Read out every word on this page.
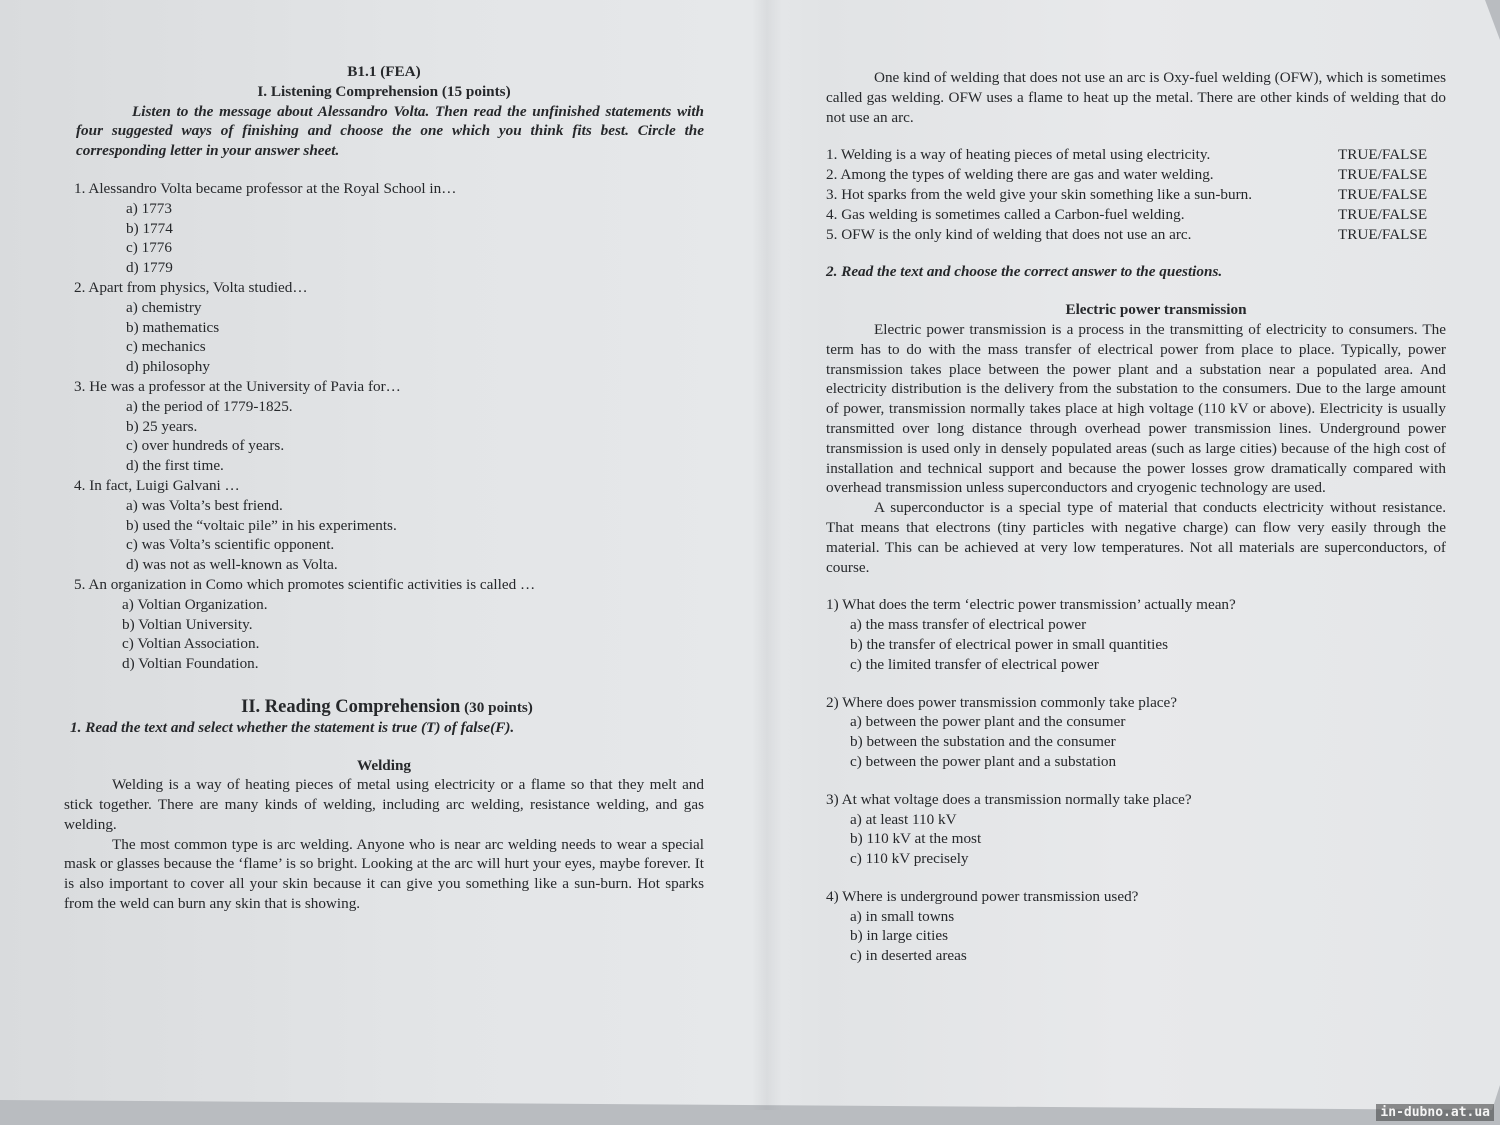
B1.1 (FEA)
I. Listening Comprehension (15 points)
Listen to the message about Alessandro Volta. Then read the unfinished statements with four suggested ways of finishing and choose the one which you think fits best. Circle the corresponding letter in your answer sheet.
1. Alessandro Volta became professor at the Royal School in…
a) 1773
b) 1774
c) 1776
d) 1779
2. Apart from physics, Volta studied…
a) chemistry
b) mathematics
c) mechanics
d) philosophy
3. He was a professor at the University of Pavia for…
a) the period of 1779-1825.
b) 25 years.
c) over hundreds of years.
d) the first time.
4. In fact, Luigi Galvani …
a) was Volta’s best friend.
b) used the “voltaic pile” in his experiments.
c) was Volta’s scientific opponent.
d) was not as well-known as Volta.
5. An organization in Como which promotes scientific activities is called …
a) Voltian Organization.
b) Voltian University.
c) Voltian Association.
d) Voltian Foundation.
II. Reading Comprehension (30 points)
1. Read the text and select whether the statement is true (T) of false(F).
Welding
Welding is a way of heating pieces of metal using electricity or a flame so that they melt and stick together. There are many kinds of welding, including arc welding, resistance welding, and gas welding.
The most common type is arc welding. Anyone who is near arc welding needs to wear a special mask or glasses because the ‘flame’ is so bright. Looking at the arc will hurt your eyes, maybe forever. It is also important to cover all your skin because it can give you something like a sun-burn. Hot sparks from the weld can burn any skin that is showing.
One kind of welding that does not use an arc is Oxy-fuel welding (OFW), which is sometimes called gas welding. OFW uses a flame to heat up the metal. There are other kinds of welding that do not use an arc.
1. Welding is a way of heating pieces of metal using electricity.	TRUE/FALSE
2. Among the types of welding there are gas and water welding.	TRUE/FALSE
3. Hot sparks from the weld give your skin something like a sun-burn.	TRUE/FALSE
4. Gas welding is sometimes called a Carbon-fuel welding.	TRUE/FALSE
5. OFW is the only kind of welding that does not use an arc.	TRUE/FALSE
2. Read the text and choose the correct answer to the questions.
Electric power transmission
Electric power transmission is a process in the transmitting of electricity to consumers. The term has to do with the mass transfer of electrical power from place to place. Typically, power transmission takes place between the power plant and a substation near a populated area. And electricity distribution is the delivery from the substation to the consumers. Due to the large amount of power, transmission normally takes place at high voltage (110 kV or above). Electricity is usually transmitted over long distance through overhead power transmission lines. Underground power transmission is used only in densely populated areas (such as large cities) because of the high cost of installation and technical support and because the power losses grow dramatically compared with overhead transmission unless superconductors and cryogenic technology are used.
A superconductor is a special type of material that conducts electricity without resistance. That means that electrons (tiny particles with negative charge) can flow very easily through the material. This can be achieved at very low temperatures. Not all materials are superconductors, of course.
1) What does the term ‘electric power transmission’ actually mean?
a) the mass transfer of electrical power
b) the transfer of electrical power in small quantities
c) the limited transfer of electrical power
2) Where does power transmission commonly take place?
a) between the power plant and the consumer
b) between the substation and the consumer
c) between the power plant and a substation
3) At what voltage does a transmission normally take place?
a) at least 110 kV
b) 110 kV at the most
c) 110 kV precisely
4) Where is underground power transmission used?
a) in small towns
b) in large cities
c) in deserted areas
in-dubno.at.ua
